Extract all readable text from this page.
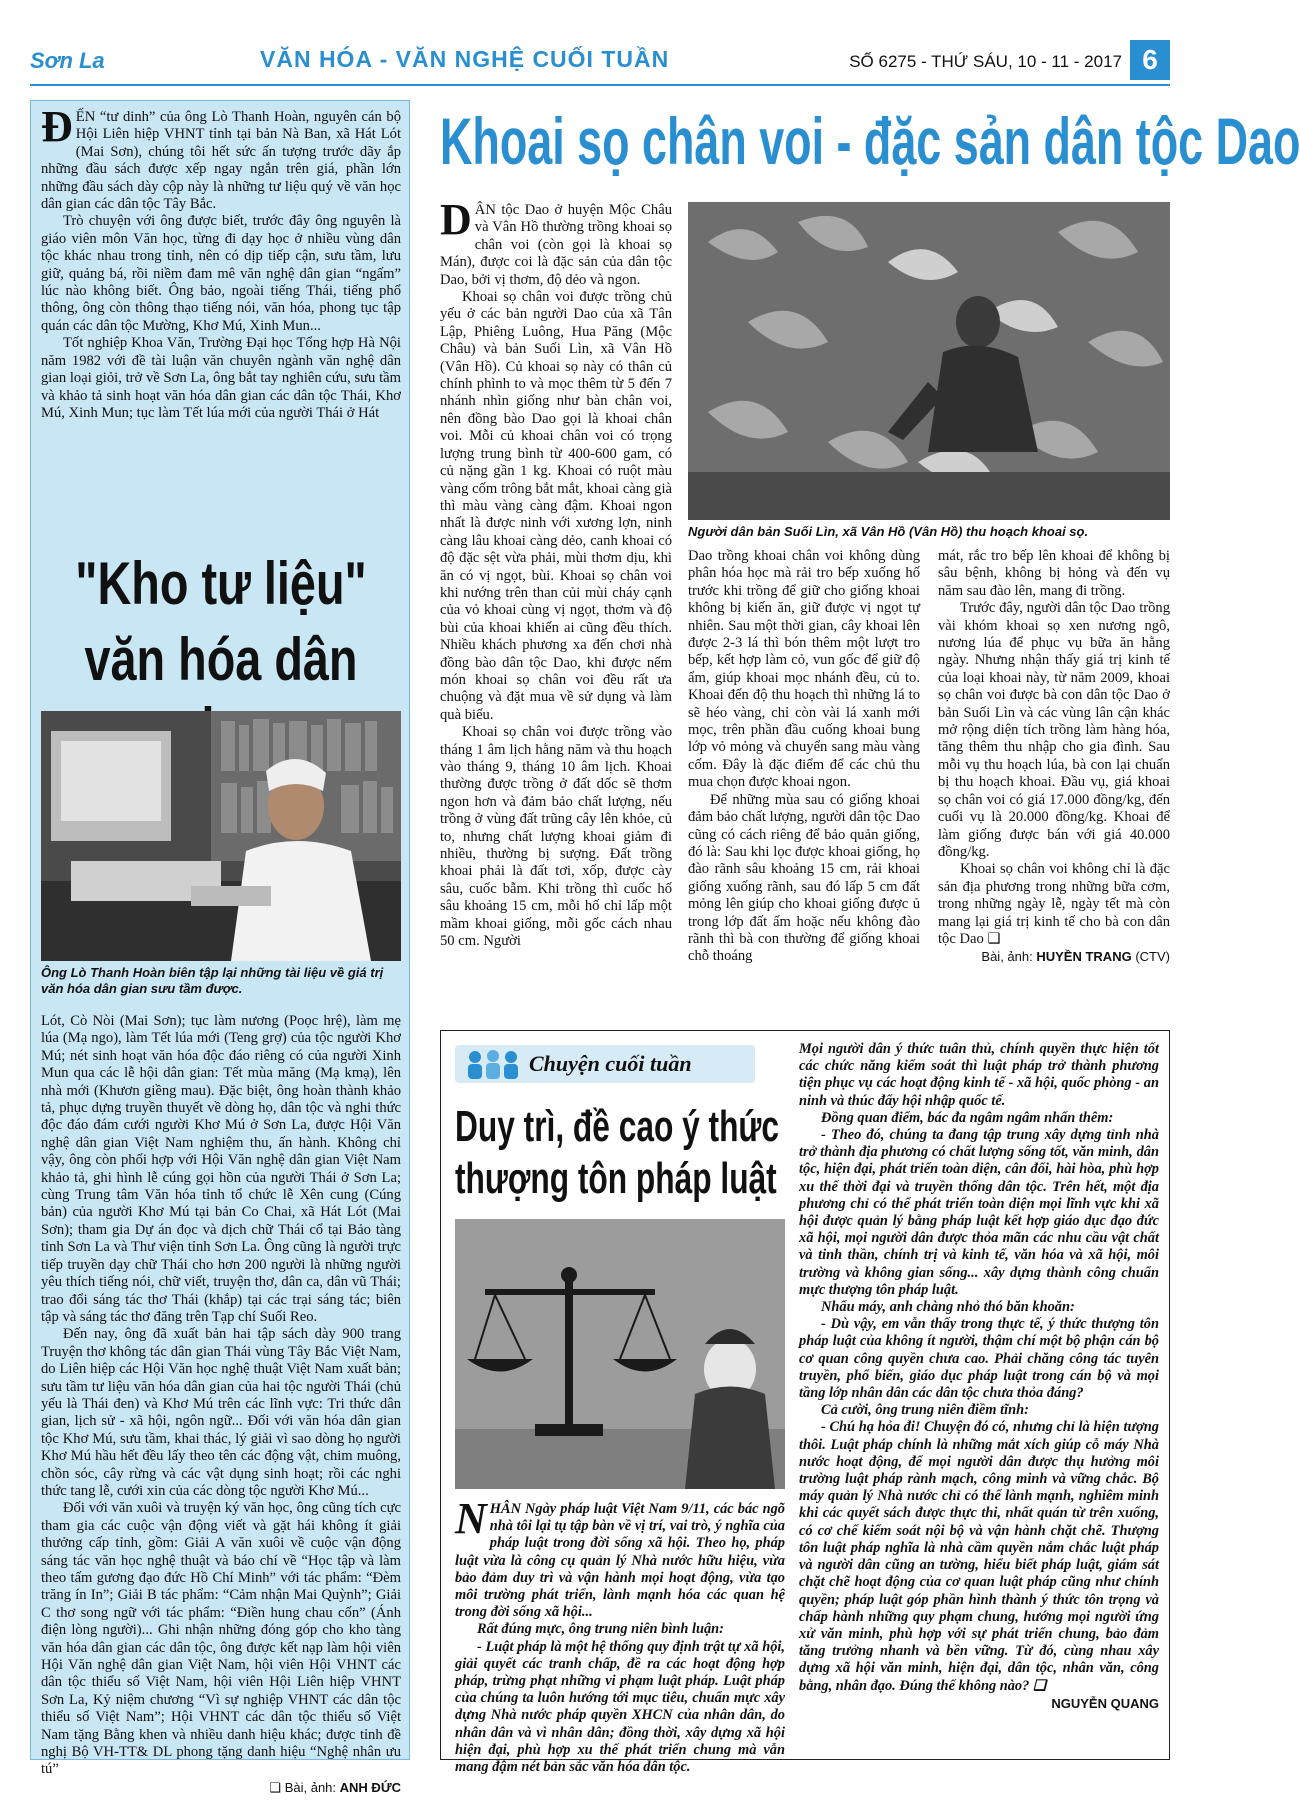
Sơn La	VĂN HÓA - VĂN NGHỆ CUỐI TUẦN	SỐ 6275 - THỨ SÁU, 10 - 11 - 2017 6

ĐẾN “tư dinh” của ông Lò Thanh Hoàn, nguyên cán bộ Hội Liên hiệp VHNT tỉnh tại bản Nà Ban, xã Hát Lót (Mai Sơn), chúng tôi hết sức ấn tượng trước dãy ắp những đầu sách được xếp ngay ngắn trên giá, phần lớn những đầu sách dày cộp này là những tư liệu quý về văn học dân gian các dân tộc Tây Bắc.

Trò chuyện với ông được biết, trước đây ông nguyên là giáo viên môn Văn học, từng đi dạy học ở nhiều vùng dân tộc khác nhau trong tỉnh, nên có dịp tiếp cận, sưu tầm, lưu giữ, quảng bá, rồi niềm đam mê văn nghệ dân gian “ngấm” lúc nào không biết. Ông bảo, ngoài tiếng Thái, tiếng phổ thông, ông còn thông thạo tiếng nói, văn hóa, phong tục tập quán các dân tộc Mường, Khơ Mú, Xinh Mun...

Tốt nghiệp Khoa Văn, Trường Đại học Tổng hợp Hà Nội năm 1982 với đề tài luận văn chuyên ngành văn nghệ dân gian loại giỏi, trở về Sơn La, ông bắt tay nghiên cứu, sưu tầm và khảo tả sinh hoạt văn hóa dân gian các dân tộc Thái, Khơ Mú, Xinh Mun; tục làm Tết lúa mới của người Thái ở Hát

"Kho tư liệu"
văn hóa dân
Ông Lò Thanh Hoàn biên tập lại những tài liệu về giá trị văn hóa dân gian sưu tầm được.

Lót, Cò Nòi (Mai Sơn); tục làm nương (Poọc hrệ), làm mẹ lúa (Mạ ngo), làm Tết lúa mới (Teng grợ) của tộc người Khơ Mú; nét sinh hoạt văn hóa độc đáo riêng có của người Xinh Mun qua các lễ hội dân gian: Tết mùa măng (Mạ kmạ), lên nhà mới (Khươn giềng mau). Đặc biệt, ông hoàn thành khảo tả, phục dựng truyền thuyết về dòng họ, dân tộc và nghi thức độc đáo đám cưới người Khơ Mú ở Sơn La, được Hội Văn nghệ dân gian Việt Nam nghiệm thu, ấn hành. Không chỉ vậy, ông còn phối hợp với Hội Văn nghệ dân gian Việt Nam khảo tả, ghi hình lễ cúng gọi hồn của người Thái ở Sơn La; cùng Trung tâm Văn hóa tỉnh tổ chức lễ Xên cung (Cúng bản) của người Khơ Mú tại bản Co Chai, xã Hát Lót (Mai Sơn); tham gia Dự án đọc và dịch chữ Thái cổ tại Bảo tàng tỉnh Sơn La và Thư viện tỉnh Sơn La. Ông cũng là người trực tiếp truyền dạy chữ Thái cho hơn 200 người là những người yêu thích tiếng nói, chữ viết, truyện thơ, dân ca, dân vũ Thái; trao đổi sáng tác thơ Thái (khắp) tại các trại sáng tác; biên tập và sáng tác thơ đăng trên Tạp chí Suối Reo.

Đến nay, ông đã xuất bản hai tập sách dày 900 trang Truyện thơ không tác dân gian Thái vùng Tây Bắc Việt Nam, do Liên hiệp các Hội Văn học nghệ thuật Việt Nam xuất bản; sưu tầm tư liệu văn hóa dân gian của hai tộc người Thái (chủ yếu là Thái đen) và Khơ Mú trên các lĩnh vực: Tri thức dân gian, lịch sử - xã hội, ngôn ngữ... Đối với văn hóa dân gian tộc Khơ Mú, sưu tầm, khai thác, lý giải vì sao dòng họ người Khơ Mú hầu hết đều lấy theo tên các động vật, chim muông, chồn sóc, cây rừng và các vật dụng sinh hoạt; rồi các nghi thức tang lễ, cưới xin của các dòng tộc người Khơ Mú...

Đối với văn xuôi và truyện ký văn học, ông cũng tích cực tham gia các cuộc vận động viết và gặt hái không ít giải thưởng cấp tỉnh, gồm: Giải A văn xuôi về cuộc vận động sáng tác văn học nghệ thuật và báo chí về “Học tập và làm theo tấm gương đạo đức Hồ Chí Minh” với tác phẩm: “Đèm trăng ín In”; Giải B tác phẩm: “Cảm nhận Mai Quỳnh”; Giải C thơ song ngữ với tác phẩm: “Điền hung chau cốn” (Ánh điện lòng người)... Ghi nhận những đóng góp cho kho tàng văn hóa dân gian các dân tộc, ông được kết nạp làm hội viên Hội Văn nghệ dân gian Việt Nam, hội viên Hội VHNT các dân tộc thiểu số Việt Nam, hội viên Hội Liên hiệp VHNT Sơn La, Kỷ niệm chương “Vì sự nghiệp VHNT các dân tộc thiểu số Việt Nam”; Hội VHNT các dân tộc thiểu số Việt Nam tặng Bằng khen và nhiều danh hiệu khác; được tỉnh đề nghị Bộ VH-TT& DL phong tặng danh hiệu “Nghệ nhân ưu tú”

❑ Bài, ảnh: ANH ĐỨC
Khoai sọ chân voi - đặc sản dân tộc Dao

DÂN tộc Dao ở huyện Mộc Châu và Vân Hồ thường trồng khoai sọ chân voi (còn gọi là khoai sọ Mán), được coi là đặc sản của dân tộc Dao, bởi vị thơm, độ dẻo và ngon.

Khoai sọ chân voi được trồng chủ yếu ở các bản người Dao của xã Tân Lập, Phiêng Luông, Hua Păng (Mộc Châu) và bản Suối Lìn, xã Vân Hồ (Vân Hồ). Củ khoai sọ này có thân củ chính phình to và mọc thêm từ 5 đến 7 nhánh nhìn giống như bàn chân voi, nên đồng bào Dao gọi là khoai chân voi. Mỗi củ khoai chân voi có trọng lượng trung bình từ 400-600 gam, có củ nặng gần 1 kg. Khoai có ruột màu vàng cốm trông bắt mắt, khoai càng già thì màu vàng càng đậm. Khoai ngon nhất là được ninh với xương lợn, ninh càng lâu khoai càng dẻo, canh khoai có độ đặc sệt vừa phải, mùi thơm dịu, khi ăn có vị ngọt, bùi. Khoai sọ chân voi khi nướng trên than củi mùi cháy cạnh của vỏ khoai cùng vị ngọt, thơm và độ bùi của khoai khiến ai cũng đều thích. Nhiều khách phương xa đến chơi nhà đồng bào dân tộc Dao, khi được nếm món khoai sọ chân voi đều rất ưa chuộng và đặt mua về sử dụng và làm quà biếu.

Khoai sọ chân voi được trồng vào tháng 1 âm lịch hằng năm và thu hoạch vào tháng 9, tháng 10 âm lịch. Khoai thường được trồng ở đất dốc sẽ thơm ngon hơn và đảm bảo chất lượng, nếu trồng ở vùng đất trũng cây lên khỏe, củ to, nhưng chất lượng khoai giảm đi nhiều, thường bị sượng. Đất trồng khoai phải là đất tơi, xốp, được cày sâu, cuốc bẫm. Khi trồng thì cuốc hố sâu khoảng 15 cm, mỗi hố chỉ lấp một mầm khoai giống, mỗi gốc cách nhau 50 cm. Người

Người dân bản Suối Lìn, xã Vân Hồ (Vân Hồ) thu hoạch khoai sọ.

Dao trồng khoai chân voi không dùng phân hóa học mà rải tro bếp xuống hố trước khi trồng để giữ cho giống khoai không bị kiến ăn, giữ được vị ngọt tự nhiên. Sau một thời gian, cây khoai lên được 2-3 lá thì bón thêm một lượt tro bếp, kết hợp làm cỏ, vun gốc để giữ độ ẩm, giúp khoai mọc nhánh đều, củ to. Khoai đến độ thu hoạch thì những lá to sẽ héo vàng, chỉ còn vài lá xanh mới mọc, trên phần đầu cuống khoai bung lớp vỏ mỏng và chuyển sang màu vàng cốm. Đây là đặc điểm để các chủ thu mua chọn được khoai ngon.

Để những mùa sau có giống khoai đảm bảo chất lượng, người dân tộc Dao cũng có cách riêng để bảo quản giống, đó là: Sau khi lọc được khoai giống, họ đào rãnh sâu khoảng 15 cm, rải khoai giống xuống rãnh, sau đó lấp 5 cm đất mỏng lên giúp cho khoai giống được ủ trong lớp đất ấm hoặc nếu không đào rãnh thì bà con thường để giống khoai chỗ thoáng

mát, rắc tro bếp lên khoai để không bị sâu bệnh, không bị hỏng và đến vụ năm sau đào lên, mang đi trồng.

Trước đây, người dân tộc Dao trồng vài khóm khoai sọ xen nương ngô, nương lúa để phục vụ bữa ăn hằng ngày. Nhưng nhận thấy giá trị kinh tế của loại khoai này, từ năm 2009, khoai sọ chân voi được bà con dân tộc Dao ở bản Suối Lìn và các vùng lân cận khác mở rộng diện tích trồng làm hàng hóa, tăng thêm thu nhập cho gia đình. Sau mỗi vụ thu hoạch lúa, bà con lại chuẩn bị thu hoạch khoai. Đầu vụ, giá khoai sọ chân voi có giá 17.000 đồng/kg, đến cuối vụ là 20.000 đồng/kg. Khoai để làm giống được bán với giá 40.000 đồng/kg.

Khoai sọ chân voi không chỉ là đặc sản địa phương trong những bữa cơm, trong những ngày lễ, ngày tết mà còn mang lại giá trị kinh tế cho bà con dân tộc Dao ❑

Bài, ảnh: HUYỀN TRANG (CTV)
Chuyện cuối tuần
Duy trì, đề cao ý thức
thượng tôn pháp luật

NHÂN Ngày pháp luật Việt Nam 9/11, các bác ngõ nhà tôi lại tụ tập bàn về vị trí, vai trò, ý nghĩa của pháp luật trong đời sống xã hội. Theo họ, pháp luật vừa là công cụ quản lý Nhà nước hữu hiệu, vừa bảo đảm duy trì và vận hành mọi hoạt động, vừa tạo môi trường phát triển, lành mạnh hóa các quan hệ trong đời sống xã hội...

Rất đúng mực, ông trung niên bình luận:

- Luật pháp là một hệ thống quy định trật tự xã hội, giải quyết các tranh chấp, đề ra các hoạt động hợp pháp, trừng phạt những vi phạm luật pháp. Luật pháp của chúng ta luôn hướng tới mục tiêu, chuẩn mực xây dựng Nhà nước pháp quyền XHCN của nhân dân, do nhân dân và vì nhân dân; đồng thời, xây dựng xã hội hiện đại, phù hợp xu thế phát triển chung mà vẫn mang đậm nét bản sắc văn hóa dân tộc.

Mọi người dân ý thức tuân thủ, chính quyền thực hiện tốt các chức năng kiểm soát thì luật pháp trở thành phương tiện phục vụ các hoạt động kinh tế - xã hội, quốc phòng - an ninh và thúc đẩy hội nhập quốc tế.

Đồng quan điểm, bác đa ngâm ngâm nhấn thêm:

- Theo đó, chúng ta đang tập trung xây dựng tỉnh nhà trở thành địa phương có chất lượng sống tốt, văn minh, dân tộc, hiện đại, phát triển toàn diện, cân đối, hài hòa, phù hợp xu thế thời đại và truyền thống dân tộc. Trên hết, một địa phương chỉ có thể phát triển toàn diện mọi lĩnh vực khi xã hội được quản lý bằng pháp luật kết hợp giáo dục đạo đức xã hội, mọi người dân được thỏa mãn các nhu cầu vật chất và tinh thần, chính trị và kinh tế, văn hóa và xã hội, môi trường và không gian sống... xây dựng thành công chuẩn mực thượng tôn pháp luật.

Nhẩu máy, anh chàng nhỏ thó băn khoăn:

- Dù vậy, em vẫn thấy trong thực tế, ý thức thượng tôn pháp luật của không ít người, thậm chí một bộ phận cán bộ cơ quan công quyền chưa cao. Phải chăng công tác tuyên truyền, phổ biến, giáo dục pháp luật trong cán bộ và mọi tầng lớp nhân dân các dân tộc chưa thỏa đáng?

Cả cười, ông trung niên điềm tĩnh:

- Chú hạ hỏa đi! Chuyện đó có, nhưng chỉ là hiện tượng thôi. Luật pháp chính là những mắt xích giúp cỗ máy Nhà nước hoạt động, để mọi người dân được thụ hưởng môi trường luật pháp rành mạch, công minh và vững chắc. Bộ máy quản lý Nhà nước chỉ có thể lành mạnh, nghiêm minh khi các quyết sách được thực thi, nhất quán từ trên xuống, có cơ chế kiểm soát nội bộ và vận hành chặt chẽ. Thượng tôn luật pháp nghĩa là nhà cầm quyền nắm chắc luật pháp và người dân cũng an tường, hiểu biết pháp luật, giám sát chặt chẽ hoạt động của cơ quan luật pháp cũng như chính quyền; pháp luật góp phần hình thành ý thức tôn trọng và chấp hành những quy phạm chung, hướng mọi người ứng xử văn minh, phù hợp với sự phát triển chung, bảo đảm tăng trưởng nhanh và bền vững. Từ đó, cùng nhau xây dựng xã hội văn minh, hiện đại, dân tộc, nhân văn, công bằng, nhân đạo. Đúng thế không nào? ❑

NGUYỄN QUANG
